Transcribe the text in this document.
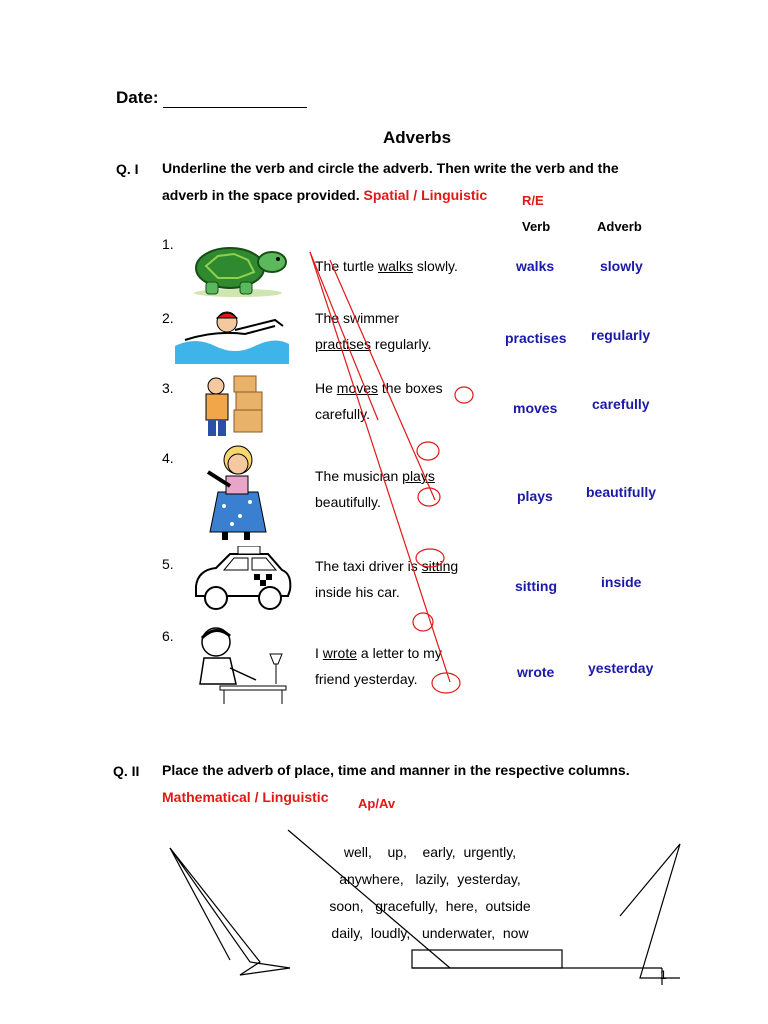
Date:
Adverbs
Q. I Underline the verb and circle the adverb. Then write the verb and the
adverb in the space provided. Spatial / Linguistic	R/E
Verb	Adverb
1.
The turtle walks slowly.	walks	slowly
2.	The swimmer
practises regularly.	practises regularly
3.	He moves the boxes
carefully.	moves carefully
4.
The musician plays
beautifully.	plays beautifully
5.	The taxi driver is sitting
inside his car.	sitting	inside
6.
I wrote a letter to my
friend yesterday.	wrote yesterday
Q. II Place the adverb of place, time and manner in the respective columns.
Mathematical / Linguistic Ap/Av
well,    up,    early,  urgently,
anywhere,   lazily,  yesterday,
soon,   gracefully,  here,  outside
daily,  loudly,   underwater,  now
1
